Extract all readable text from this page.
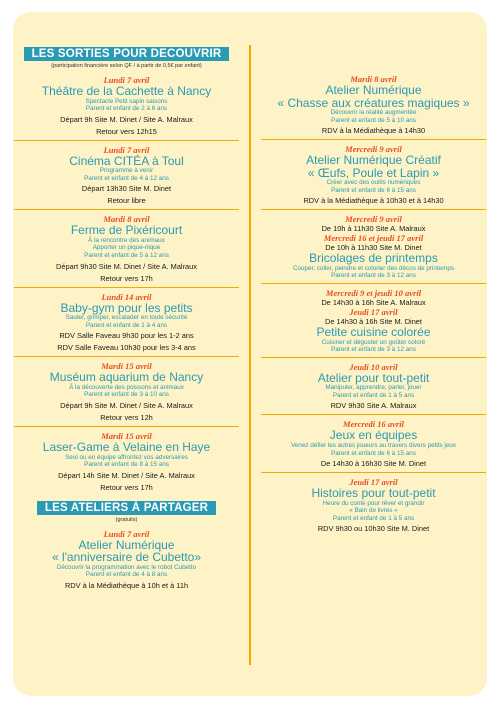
LES SORTIES POUR DECOUVRIR
(participation financière selon QF / à partir de 0,5€ par enfant)
Lundi 7 avril
Théâtre de la Cachette à Nancy
Spectacle Petit sapin saisons
Parent et enfant de 2 à 6 ans
Départ 9h Site M. Dinet / Site A. Malraux
Retour vers 12h15
Lundi 7 avril
Cinéma CITÉA à Toul
Programme à venir
Parent et enfant de 4 à 12 ans
Départ 13h30 Site M. Dinet
Retour libre
Mardi 8 avril
Ferme de Pixéricourt
À la rencontre des animaux
Apporter un pique-nique
Parent et enfant de 5 à 12 ans
Départ 9h30 Site M. Dinet / Site A. Malraux
Retour vers 17h
Lundi 14 avril
Baby-gym pour les petits
Sauter, grimper, escalader en toute sécurité
Parent et enfant de 1 à 4 ans
RDV Salle Faveau 9h30 pour les 1-2 ans
RDV Salle Faveau 10h30 pour les 3-4 ans
Mardi 15 avril
Muséum aquarium de Nancy
À la découverte des poissons et animaux
Parent et enfant de 3 à 10 ans
Départ 9h Site M. Dinet / Site A. Malraux
Retour vers 12h
Mardi 15 avril
Laser-Game à Velaine en Haye
Seul ou en équipe affrontez vos adversaires
Parent et enfant de 8 à 15 ans
Départ 14h Site M. Dinet / Site A. Malraux
Retour vers 17h
LES ATELIERS À PARTAGER
(gratuits)
Lundi 7 avril
Atelier Numérique
« l'anniversaire de Cubetto»
Découvrir la programmation avec le robot Cubetto
Parent et enfant de 4 à 8 ans
RDV à la Médiathèque à 10h et à 11h
Mardi 8 avril
Atelier Numérique
« Chasse aux créatures magiques »
Découvrir la réalité augmentée
Parent et enfant de 5 à 10 ans
RDV à la Médiathèque à 14h30
Mercredi 9 avril
Atelier Numérique Créatif
« Œufs, Poule et Lapin »
Créer avec des outils numériques
Parent et enfant de 6 à 15 ans
RDV à la Médiathèque à 10h30 et à 14h30
Mercredi 9 avril
De 10h à 11h30 Site A. Malraux
Mercredi 16 et jeudi 17 avril
De 10h à 11h30 Site M. Dinet
Bricolages de printemps
Couper, coller, peindre et colorier des décos de printemps
Parent et enfant de 3 à 12 ans
Mercredi 9 et jeudi 10 avril
De 14h30 à 16h Site A. Malraux
Jeudi 17 avril
De 14h30 à 16h Site M. Dinet
Petite cuisine colorée
Cuisiner et déguster un goûter coloré
Parent et enfant de 3 à 12 ans
Jeudi 10 avril
Atelier pour tout-petit
Manipuler, apprendre, parler, jouer
Parent et enfant de 1 à 5 ans
RDV 9h30 Site A. Malraux
Mercredi 16 avril
Jeux en équipes
Venez défier les autres joueurs au travers divers petits jeux
Parent et enfant de 6 à 15 ans
De 14h30 à 16h30 Site M. Dinet
Jeudi 17 avril
Histoires pour tout-petit
Heure du conte pour rêver et grandir
« Bain de livres »
Parent et enfant de 1 à 5 ans
RDV 9h30 ou 10h30 Site M. Dinet
